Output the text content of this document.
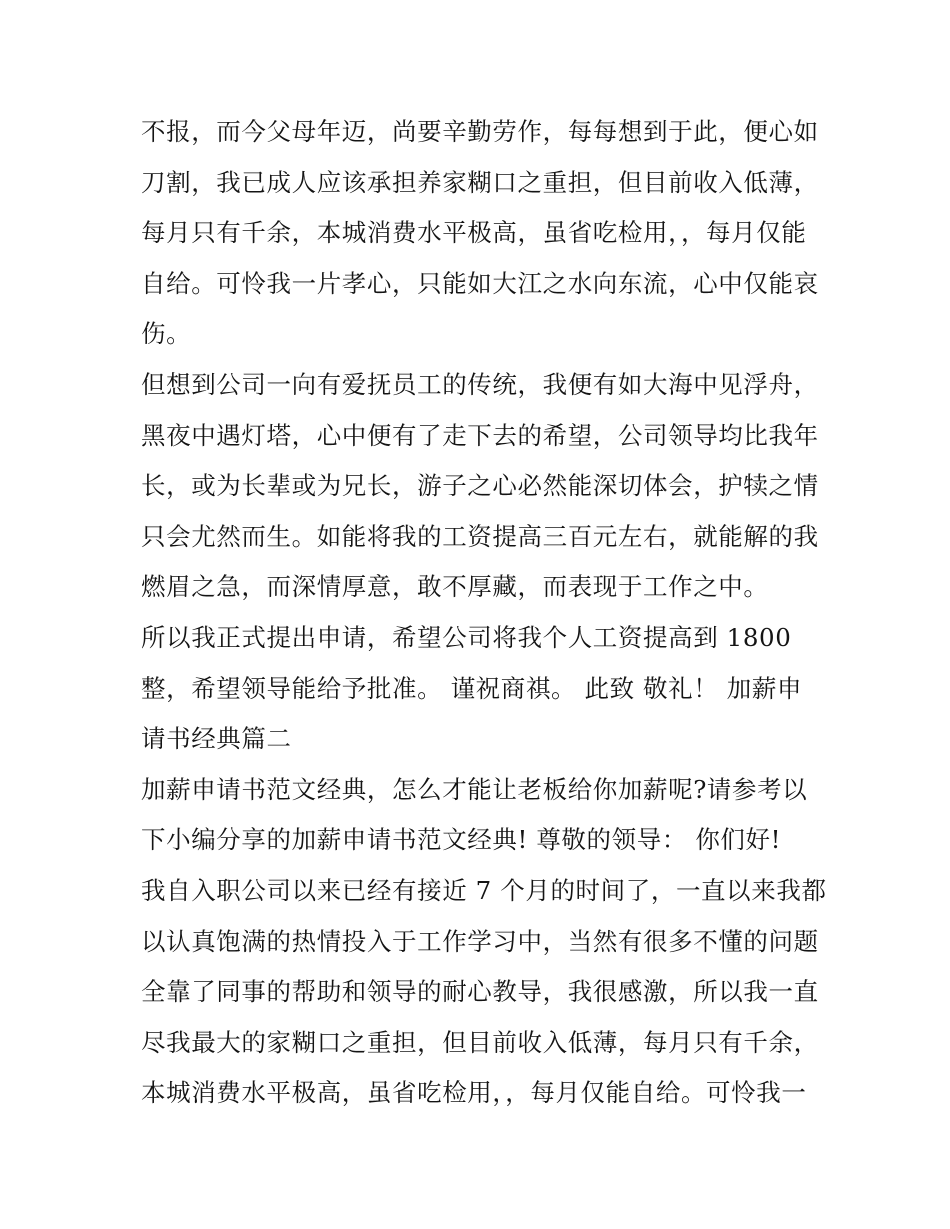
不报，而今父母年迈，尚要辛勤劳作，每每想到于此，便心如
刀割，我已成人应该承担养家糊口之重担，但目前收入低薄，
每月只有千余，本城消费水平极高，虽省吃检用，，每月仅能
自给。可怜我一片孝心，只能如大江之水向东流，心中仅能哀
伤。
但想到公司一向有爱抚员工的传统，我便有如大海中见浮舟，
黑夜中遇灯塔，心中便有了走下去的希望，公司领导均比我年
长，或为长辈或为兄长，游子之心必然能深切体会，护犊之情
只会尤然而生。如能将我的工资提高三百元左右，就能解的我
燃眉之急，而深情厚意，敢不厚藏，而表现于工作之中。
所以我正式提出申请，希望公司将我个人工资提高到 1800
整，希望领导能给予批准。 谨祝商祺。 此致 敬礼！ 加薪申
请书经典篇二
加薪申请书范文经典，怎么才能让老板给你加薪呢?请参考以
下小编分享的加薪申请书范文经典! 尊敬的领导： 你们好!
我自入职公司以来已经有接近 7 个月的时间了，一直以来我都
以认真饱满的热情投入于工作学习中，当然有很多不懂的问题
全靠了同事的帮助和领导的耐心教导，我很感激，所以我一直
尽我最大的家糊口之重担，但目前收入低薄，每月只有千余，
本城消费水平极高，虽省吃检用，，每月仅能自给。可怜我一
